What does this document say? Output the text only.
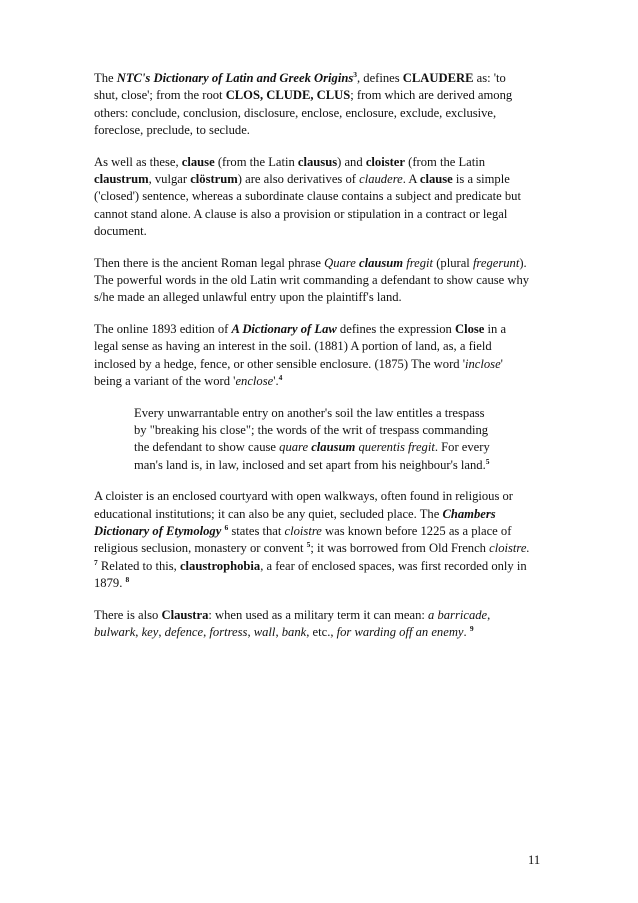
The NTC's Dictionary of Latin and Greek Origins$^3$, defines CLAUDERE as: 'to
shut, close'; from the root CLOS, CLUDE, CLUS; from which are derived among
others: conclude, conclusion, disclosure, enclose, enclosure, exclude, exclusive,
foreclose, preclude, to seclude.

As well as these, clause (from the Latin clausus) and cloister (from the Latin
claustrum, vulgar clöstrum) are also derivatives of claudere. A clause is a simple
('closed') sentence, whereas a subordinate clause contains a subject and predicate but
cannot stand alone. A clause is also a provision or stipulation in a contract or legal
document.

Then there is the ancient Roman legal phrase Quare clausum fregit (plural fregerunt).
The powerful words in the old Latin writ commanding a defendant to show cause why
s/he made an alleged unlawful entry upon the plaintiff's land.

The online 1893 edition of A Dictionary of Law defines the expression Close in a
legal sense as having an interest in the soil. (1881) A portion of land, as, a field
inclosed by a hedge, fence, or other sensible enclosure. (1875) The word 'inclose'
being a variant of the word 'enclose'.$^4$

Every unwarrantable entry on another's soil the law entitles a trespass
by "breaking his close"; the words of the writ of trespass commanding
the defendant to show cause quare clausum querentis fregit. For every
man's land is, in law, inclosed and set apart from his neighbour's land.$^5$

A cloister is an enclosed courtyard with open walkways, often found in religious or
educational institutions; it can also be any quiet, secluded place. The Chambers
Dictionary of Etymology $^6$ states that cloistre was known before 1225 as a place of
religious seclusion, monastery or convent $^5$; it was borrowed from Old French cloistre.
$^7$ Related to this, claustrophobia, a fear of enclosed spaces, was first recorded only in
1879. $^8$

There is also Claustra: when used as a military term it can mean: a barricade,
bulwark, key, defence, fortress, wall, bank, etc., for warding off an enemy. $^9$

11
